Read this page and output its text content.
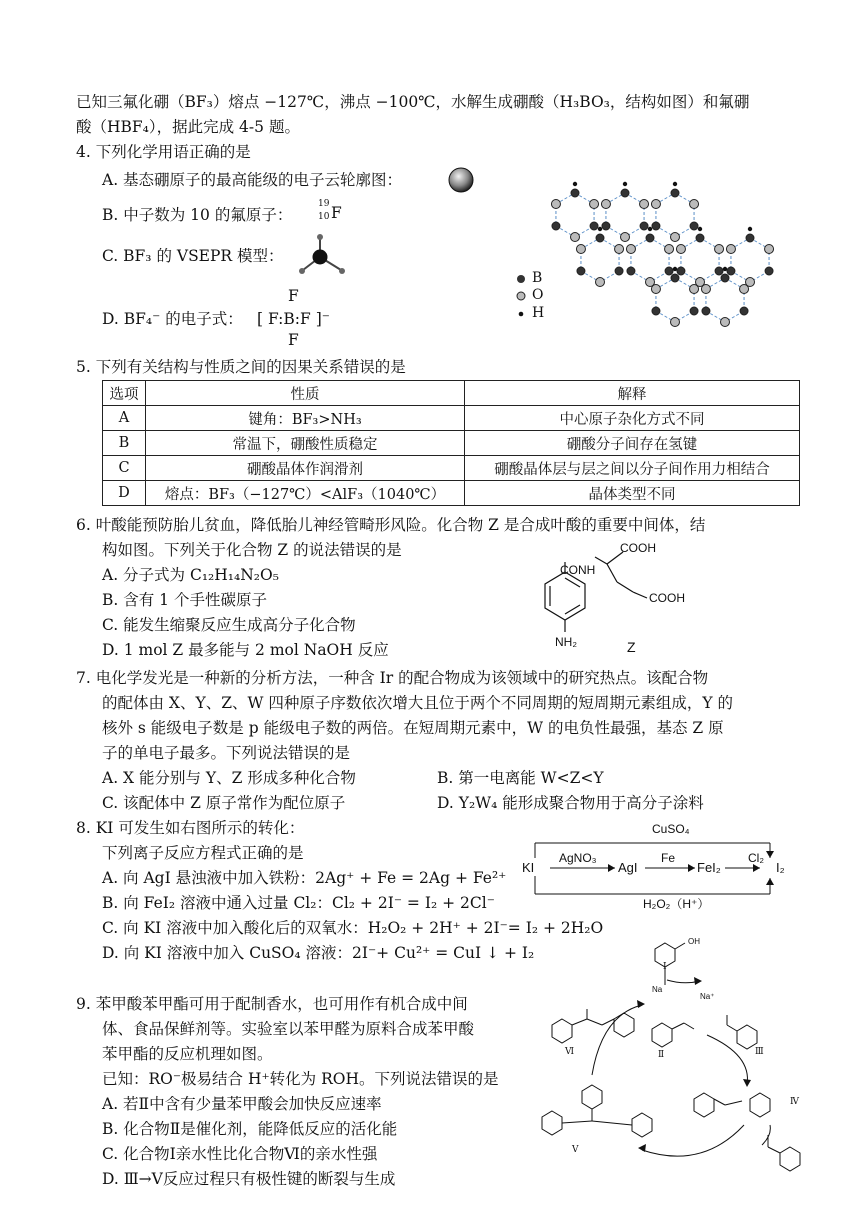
已知三氟化硼（BF₃）熔点 −127℃，沸点 −100℃，水解生成硼酸（H₃BO₃，结构如图）和氟硼
酸（HBF₄），据此完成 4-5 题。
4. 下列化学用语正确的是
A. 基态硼原子的最高能级的电子云轮廓图：
B. 中子数为 10 的氟原子：
19
10 F
C. BF₃ 的 VSEPR 模型：
F
D. BF₄⁻ 的电子式： [ F:B:F ]⁻
F
B
O
H
5. 下列有关结构与性质之间的因果关系错误的是
选项	性质	解释
A	键角：BF₃>NH₃	中心原子杂化方式不同
B	常温下，硼酸性质稳定	硼酸分子间存在氢键
C	硼酸晶体作润滑剂	硼酸晶体层与层之间以分子间作用力相结合
D	熔点：BF₃（−127℃）<AlF₃（1040℃）	晶体类型不同
6. 叶酸能预防胎儿贫血，降低胎儿神经管畸形风险。化合物 Z 是合成叶酸的重要中间体，结
构如图。下列关于化合物 Z 的说法错误的是
A. 分子式为 C₁₂H₁₄N₂O₅
B. 含有 1 个手性碳原子
C. 能发生缩聚反应生成高分子化合物
D. 1 mol Z 最多能与 2 mol NaOH 反应
COOH
CONH
COOH
NH₂	Z
7. 电化学发光是一种新的分析方法，一种含 Ir 的配合物成为该领域中的研究热点。该配合物
的配体由 X、Y、Z、W 四种原子序数依次增大且位于两个不同周期的短周期元素组成，Y 的
核外 s 能级电子数是 p 能级电子数的两倍。在短周期元素中，W 的电负性最强，基态 Z 原
子的单电子最多。下列说法错误的是
A. X 能分别与 Y、Z 形成多种化合物	B. 第一电离能 W<Z<Y
C. 该配体中 Z 原子常作为配位原子	D. Y₂W₄ 能形成聚合物用于高分子涂料
8. KI 可发生如右图所示的转化：
下列离子反应方程式正确的是
A. 向 AgI 悬浊液中加入铁粉：2Ag⁺ + Fe = 2Ag + Fe²⁺
B. 向 FeI₂ 溶液中通入过量 Cl₂：Cl₂ + 2I⁻ = I₂ + 2Cl⁻
C. 向 KI 溶液中加入酸化后的双氧水：H₂O₂ + 2H⁺ + 2I⁻= I₂ + 2H₂O
D. 向 KI 溶液中加入 CuSO₄ 溶液：2I⁻+ Cu²⁺ = CuI ↓ + I₂
CuSO₄
KI	AgI	FeI₂	I₂
AgNO₃	Fe	Cl₂
H₂O₂（H⁺）
9. 苯甲酸苯甲酯可用于配制香水，也可用作有机合成中间
体、食品保鲜剂等。实验室以苯甲醛为原料合成苯甲酸
苯甲酯的反应机理如图。
已知：RO⁻极易结合 H⁺转化为 ROH。下列说法错误的是
A. 若Ⅱ中含有少量苯甲酸会加快反应速率
B. 化合物Ⅱ是催化剂，能降低反应的活化能
C. 化合物Ⅰ亲水性比化合物Ⅵ的亲水性强
D. Ⅲ→Ⅴ反应过程只有极性键的断裂与生成
OH
Na
Na⁺
Ⅰ
Ⅱ	Ⅲ
Ⅳ
Ⅴ
Ⅵ
